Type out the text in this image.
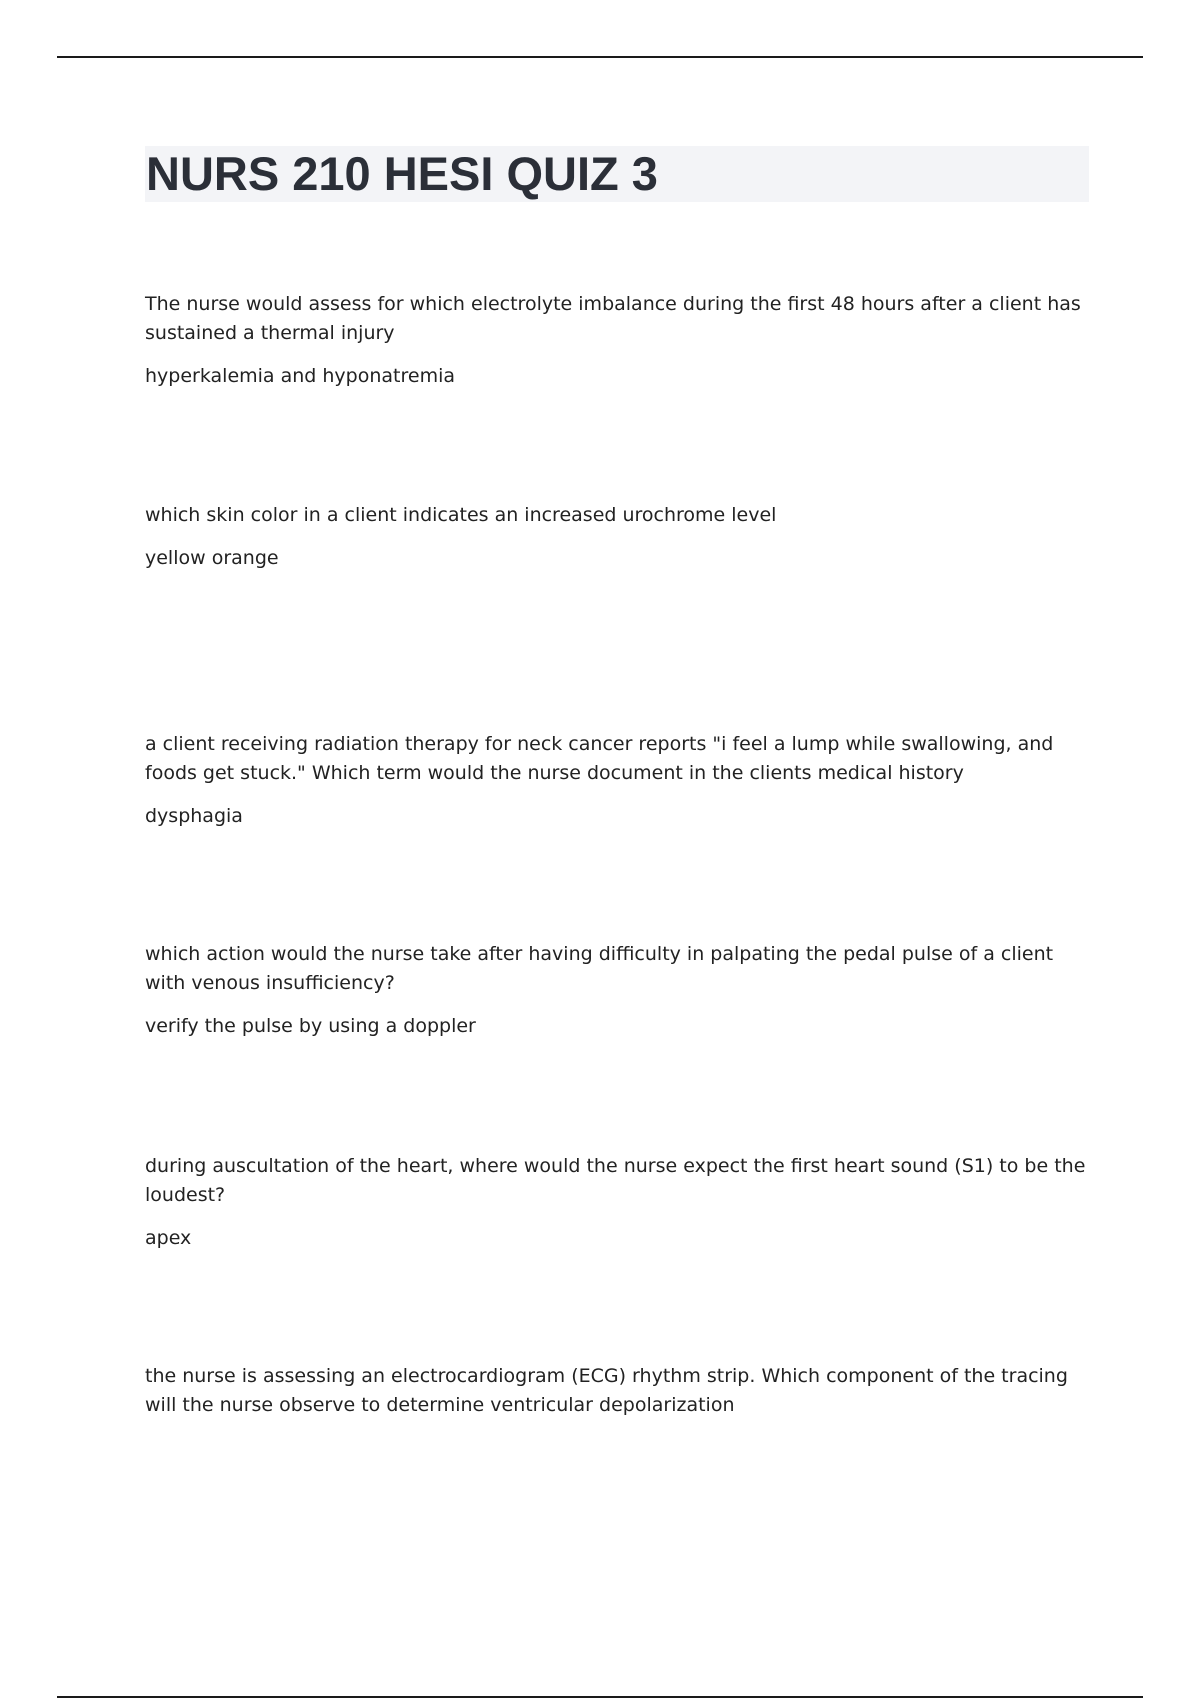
NURS 210 HESI QUIZ 3

The nurse would assess for which electrolyte imbalance during the first 48 hours after a client has sustained a thermal injury

hyperkalemia and hyponatremia

which skin color in a client indicates an increased urochrome level

yellow orange

a client receiving radiation therapy for neck cancer reports "i feel a lump while swallowing, and foods get stuck." Which term would the nurse document in the clients medical history

dysphagia

which action would the nurse take after having difficulty in palpating the pedal pulse of a client with venous insufficiency?

verify the pulse by using a doppler

during auscultation of the heart, where would the nurse expect the first heart sound (S1) to be the loudest?

apex

the nurse is assessing an electrocardiogram (ECG) rhythm strip. Which component of the tracing will the nurse observe to determine ventricular depolarization
